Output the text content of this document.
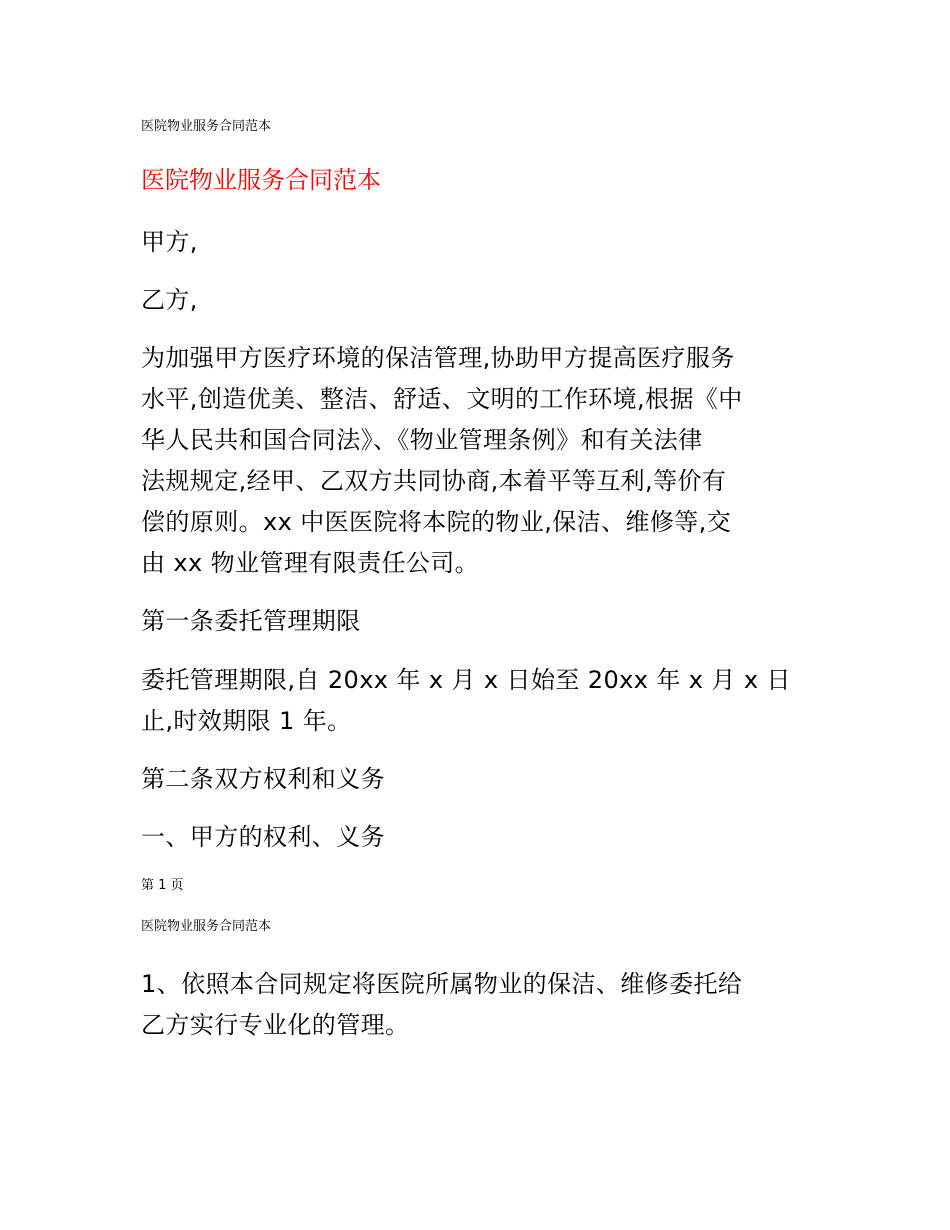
医院物业服务合同范本
医院物业服务合同范本
甲方,
乙方,
为加强甲方医疗环境的保洁管理,协助甲方提高医疗服务
水平,创造优美、整洁、舒适、文明的工作环境,根据《中
华人民共和国合同法》、《物业管理条例》和有关法律
法规规定,经甲、乙双方共同协商,本着平等互利,等价有
偿的原则。xx 中医医院将本院的物业,保洁、维修等,交
由 xx 物业管理有限责任公司。
第一条委托管理期限
委托管理期限,自 20xx 年 x 月 x 日始至 20xx 年 x 月 x 日
止,时效期限 1 年。
第二条双方权利和义务
一、甲方的权利、义务
第 1 页
医院物业服务合同范本
1、依照本合同规定将医院所属物业的保洁、维修委托给
乙方实行专业化的管理。
